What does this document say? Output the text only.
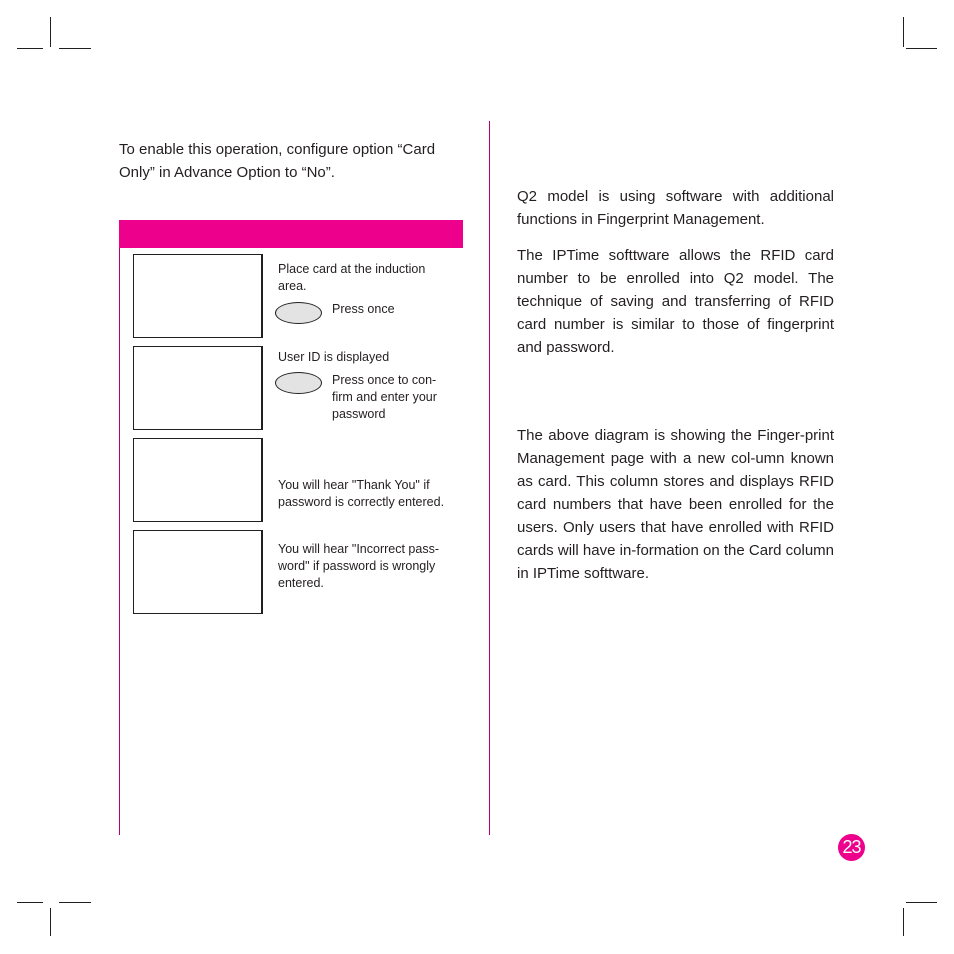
To enable this operation, configure option “Card Only” in Advance Option to “No”.
Place card at the induction area.
Press once
User ID is displayed
Press once to con-firm and enter your password
You will hear "Thank You" if password is correctly entered.
You will hear "Incorrect pass-word" if password is wrongly entered.
Q2 model is using software with additional functions in Fingerprint Management.
The IPTime softtware allows the RFID card number to be enrolled into Q2 model. The technique of saving and transferring of RFID card number is similar to those of fingerprint and password.
The above diagram is showing the Finger-print Management page with a new col-umn known as card. This column stores and displays RFID card numbers that have been enrolled for the users. Only users that have enrolled with RFID cards will have in-formation on the Card column in IPTime softtware.
23
